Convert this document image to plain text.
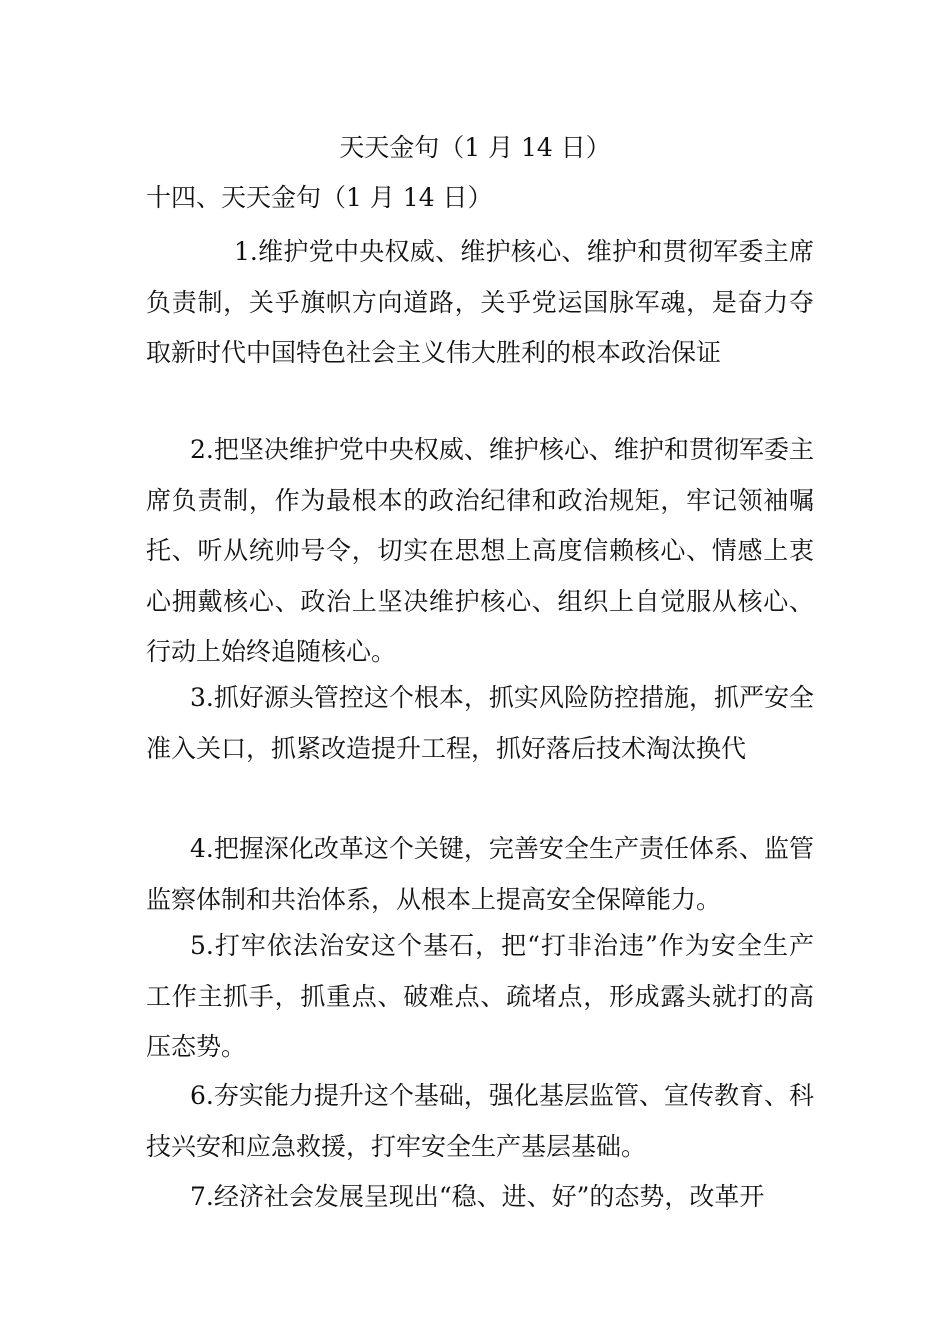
天天金句（1 月 14 日）
十四、天天金句（1 月 14 日）

1.维护党中央权威、维护核心、维护和贯彻军委主席负责制，关乎旗帜方向道路，关乎党运国脉军魂，是奋力夺取新时代中国特色社会主义伟大胜利的根本政治保证

2.把坚决维护党中央权威、维护核心、维护和贯彻军委主席负责制，作为最根本的政治纪律和政治规矩，牢记领袖嘱托、听从统帅号令，切实在思想上高度信赖核心、情感上衷心拥戴核心、政治上坚决维护核心、组织上自觉服从核心、行动上始终追随核心。

3.抓好源头管控这个根本，抓实风险防控措施，抓严安全准入关口，抓紧改造提升工程，抓好落后技术淘汰换代

4.把握深化改革这个关键，完善安全生产责任体系、监管监察体制和共治体系，从根本上提高安全保障能力。

5.打牢依法治安这个基石，把“打非治违”作为安全生产工作主抓手，抓重点、破难点、疏堵点，形成露头就打的高压态势。

6.夯实能力提升这个基础，强化基层监管、宣传教育、科技兴安和应急救援，打牢安全生产基层基础。

7.经济社会发展呈现出“稳、进、好”的态势，改革开
